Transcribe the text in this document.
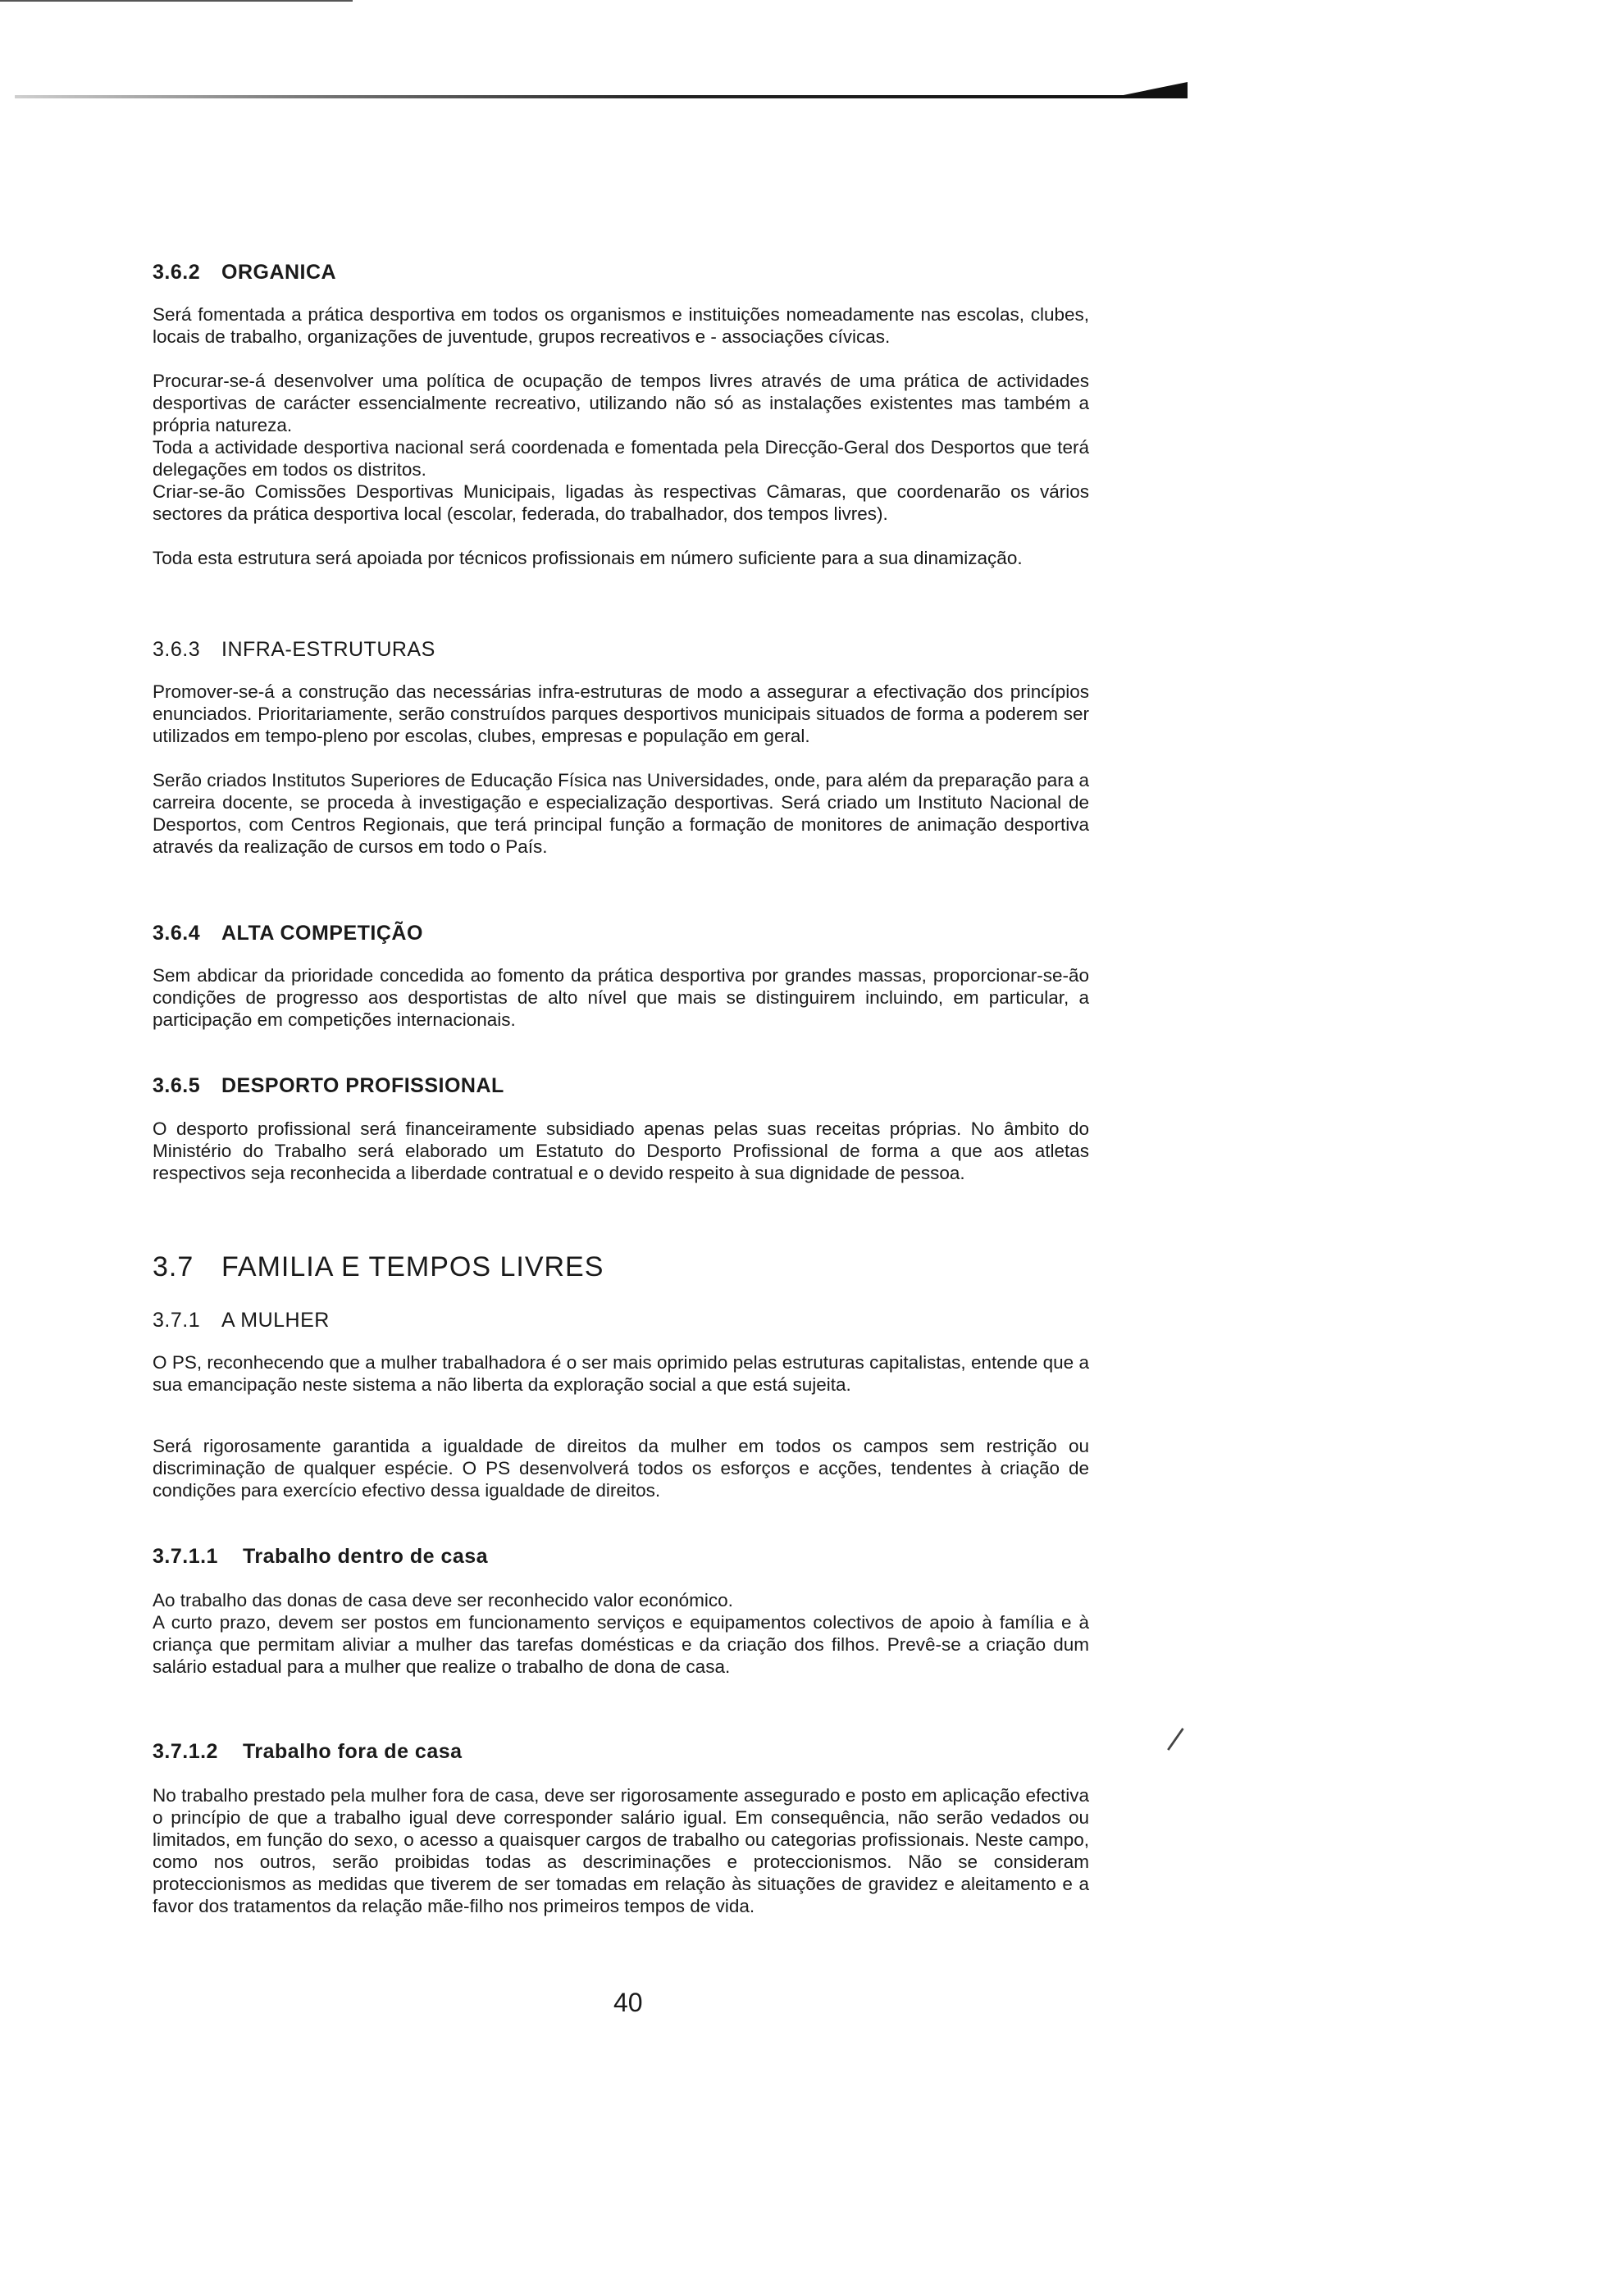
3.6.2 ORGANICA

Será fomentada a prática desportiva em todos os organismos e instituições nomeadamente nas escolas, clubes, locais de trabalho, organizações de juventude, grupos recreativos e - associações cívicas.

Procurar-se-á desenvolver uma política de ocupação de tempos livres através de uma prática de actividades desportivas de carácter essencialmente recreativo, utilizando não só as instalações existentes mas também a própria natureza.

Toda a actividade desportiva nacional será coordenada e fomentada pela Direcção-Geral dos Desportos que terá delegações em todos os distritos.

Criar-se-ão Comissões Desportivas Municipais, ligadas às respectivas Câmaras, que coordenarão os vários sectores da prática desportiva local (escolar, federada, do trabalhador, dos tempos livres).

Toda esta estrutura será apoiada por técnicos profissionais em número suficiente para a sua dinamização.

3.6.3 INFRA-ESTRUTURAS

Promover-se-á a construção das necessárias infra-estruturas de modo a assegurar a efectivação dos princípios enunciados. Prioritariamente, serão construídos parques desportivos municipais situados de forma a poderem ser utilizados em tempo-pleno por escolas, clubes, empresas e população em geral.

Serão criados Institutos Superiores de Educação Física nas Universidades, onde, para além da preparação para a carreira docente, se proceda à investigação e especialização desportivas. Será criado um Instituto Nacional de Desportos, com Centros Regionais, que terá principal função a formação de monitores de animação desportiva através da realização de cursos em todo o País.

3.6.4 ALTA COMPETIÇÃO

Sem abdicar da prioridade concedida ao fomento da prática desportiva por grandes massas, proporcionar-se-ão condições de progresso aos desportistas de alto nível que mais se distinguirem incluindo, em particular, a participação em competições internacionais.

3.6.5 DESPORTO PROFISSIONAL

O desporto profissional será financeiramente subsidiado apenas pelas suas receitas próprias. No âmbito do Ministério do Trabalho será elaborado um Estatuto do Desporto Profissional de forma a que aos atletas respectivos seja reconhecida a liberdade contratual e o devido respeito à sua dignidade de pessoa.

3.7 FAMILIA E TEMPOS LIVRES
3.7.1 A MULHER

O PS, reconhecendo que a mulher trabalhadora é o ser mais oprimido pelas estruturas capitalistas, entende que a sua emancipação neste sistema a não liberta da exploração social a que está sujeita.

Será rigorosamente garantida a igualdade de direitos da mulher em todos os campos sem restrição ou discriminação de qualquer espécie. O PS desenvolverá todos os esforços e acções, tendentes à criação de condições para exercício efectivo dessa igualdade de direitos.

3.7.1.1 Trabalho dentro de casa

Ao trabalho das donas de casa deve ser reconhecido valor económico.

A curto prazo, devem ser postos em funcionamento serviços e equipamentos colectivos de apoio à família e à criança que permitam aliviar a mulher das tarefas domésticas e da criação dos filhos. Prevê-se a criação dum salário estadual para a mulher que realize o trabalho de dona de casa.

3.7.1.2 Trabalho fora de casa

No trabalho prestado pela mulher fora de casa, deve ser rigorosamente assegurado e posto em aplicação efectiva o princípio de que a trabalho igual deve corresponder salário igual. Em consequência, não serão vedados ou limitados, em função do sexo, o acesso a quaisquer cargos de trabalho ou categorias profissionais. Neste campo, como nos outros, serão proibidas todas as descriminações e proteccionismos. Não se consideram proteccionismos as medidas que tiverem de ser tomadas em relação às situações de gravidez e aleitamento e a favor dos tratamentos da relação mãe-filho nos primeiros tempos de vida.

40
|
